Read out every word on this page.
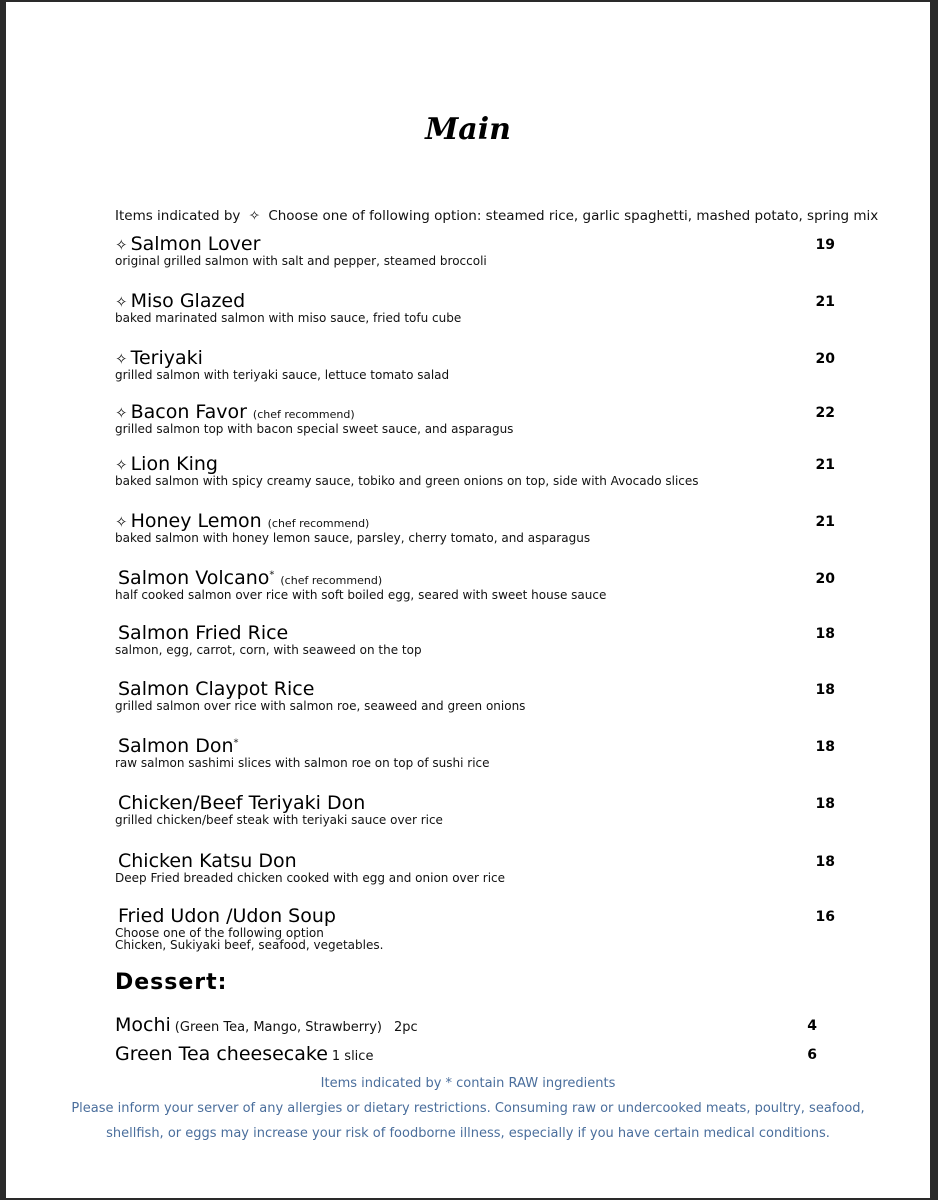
Main
Items indicated by ✧ Choose one of following option: steamed rice, garlic spaghetti, mashed potato, spring mix
✧ Salmon Lover
original grilled salmon with salt and pepper, steamed broccoli
19
✧ Miso Glazed
baked marinated salmon with miso sauce, fried tofu cube
21
✧ Teriyaki
grilled salmon with teriyaki sauce, lettuce tomato salad
20
✧ Bacon Favor (chef recommend)
grilled salmon top with bacon special sweet sauce, and asparagus
22
✧ Lion King
baked salmon with spicy creamy sauce, tobiko and green onions on top, side with Avocado slices
21
✧ Honey Lemon (chef recommend)
baked salmon with honey lemon sauce, parsley, cherry tomato, and asparagus
21
Salmon Volcano* (chef recommend)
half cooked salmon over rice with soft boiled egg, seared with sweet house sauce
20
Salmon Fried Rice
salmon, egg, carrot, corn, with seaweed on the top
18
Salmon Claypot Rice
grilled salmon over rice with salmon roe, seaweed and green onions
18
Salmon Don*
raw salmon sashimi slices with salmon roe on top of sushi rice
18
Chicken/Beef Teriyaki Don
grilled chicken/beef steak with teriyaki sauce over rice
18
Chicken Katsu Don
Deep Fried breaded chicken cooked with egg and onion over rice
18
Fried Udon /Udon Soup
Choose one of the following option
Chicken, Sukiyaki beef, seafood, vegetables.
16
Dessert:
Mochi (Green Tea, Mango, Strawberry) 2pc	4
Green Tea cheesecake 1 slice	6
Items indicated by * contain RAW ingredients
Please inform your server of any allergies or dietary restrictions. Consuming raw or undercooked meats, poultry, seafood,
shellfish, or eggs may increase your risk of foodborne illness, especially if you have certain medical conditions.
